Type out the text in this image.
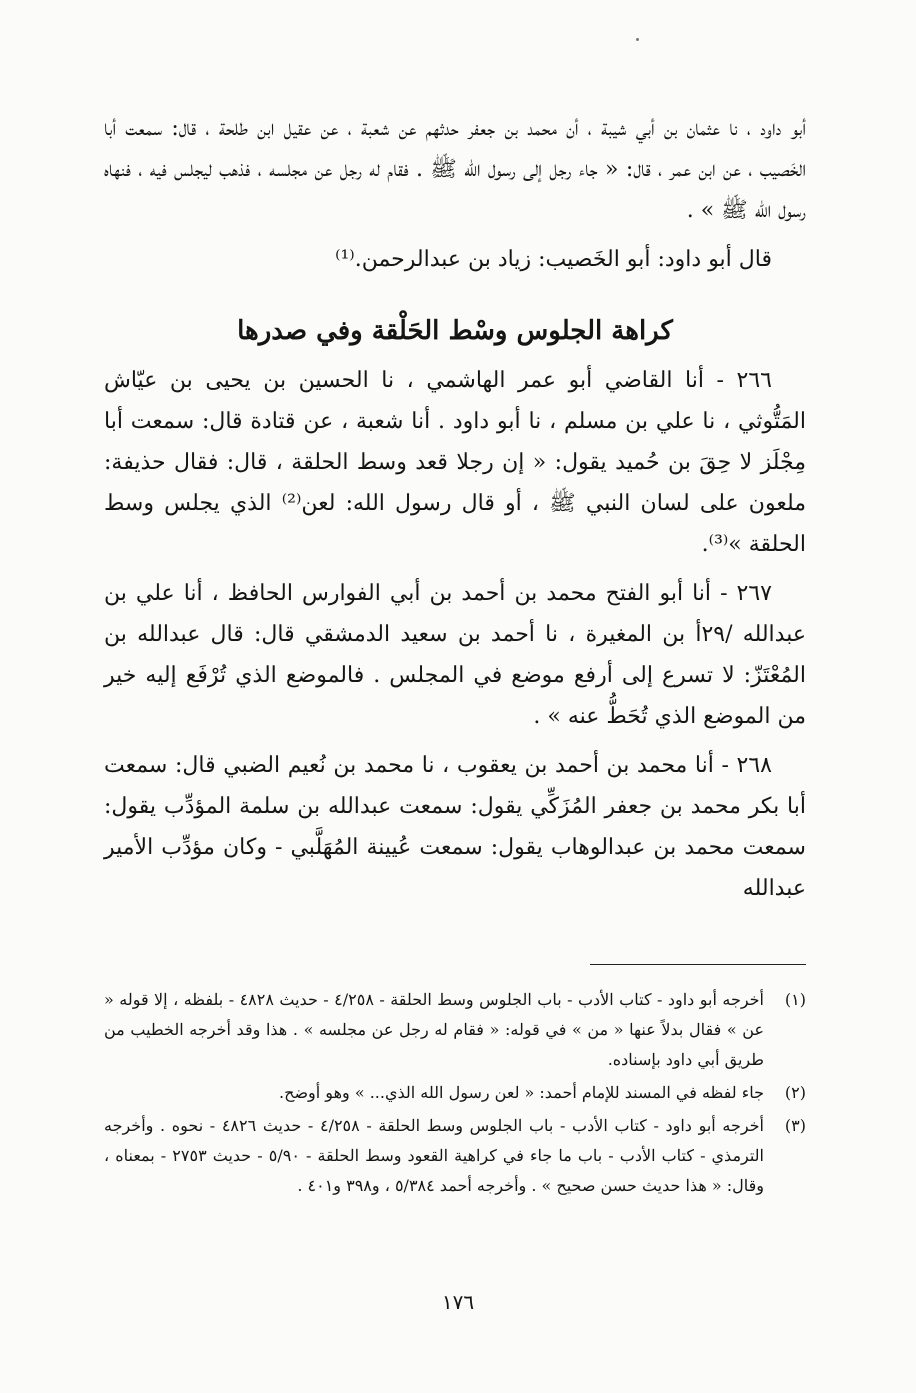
أبو داود ، نا عثمان بن أبي شيبة ، أن محمد بن جعفر حدثهم عن شعبة ، عن عقيل ابن طلحة ، قال: سمعت أبا الخَصيب ، عن ابن عمر ، قال: « جاء رجل إلى رسول الله ﷺ . فقام له رجل عن مجلسه ، فذهب ليجلس فيه ، فنهاه رسول الله ﷺ » .

قال أبو داود: أبو الخَصيب: زياد بن عبدالرحمن.⁽¹⁾

كراهة الجلوس وسْط الحَلْقة وفي صدرها

٢٦٦ - أنا القاضي أبو عمر الهاشمي ، نا الحسين بن يحيى بن عيّاش المَتُّوثي ، نا علي بن مسلم ، نا أبو داود . أنا شعبة ، عن قتادة قال: سمعت أبا مِجْلَز لا حِقَ بن حُميد يقول: « إن رجلا قعد وسط الحلقة ، قال: فقال حذيفة: ملعون على لسان النبي ﷺ ، أو قال رسول الله: لعن⁽²⁾ الذي يجلس وسط الحلقة »⁽³⁾.

٢٦٧ - أنا أبو الفتح محمد بن أحمد بن أبي الفوارس الحافظ ، أنا علي بن عبدالله /٢٩أ بن المغيرة ، نا أحمد بن سعيد الدمشقي قال: قال عبدالله بن المُعْتَزّ: لا تسرع إلى أرفع موضع في المجلس . فالموضع الذي تُرْفَع إليه خير من الموضع الذي تُحَطُّ عنه » .

٢٦٨ - أنا محمد بن أحمد بن يعقوب ، نا محمد بن نُعيم الضبي قال: سمعت أبا بكر محمد بن جعفر المُزَكِّي يقول: سمعت عبدالله بن سلمة المؤدِّب يقول: سمعت محمد بن عبدالوهاب يقول: سمعت عُيينة المُهَلَّبي - وكان مؤدِّب الأمير عبدالله

(١)
أخرجه أبو داود - كتاب الأدب - باب الجلوس وسط الحلقة - ٤/٢٥٨ - حديث ٤٨٢٨ - بلفظه ، إلا قوله « عن » فقال بدلاً عنها « من » في قوله: « فقام له رجل عن مجلسه » . هذا وقد أخرجه الخطيب من طريق أبي داود بإسناده.
(٢)
جاء لفظه في المسند للإمام أحمد: « لعن رسول الله الذي... » وهو أوضح.
(٣)
أخرجه أبو داود - كتاب الأدب - باب الجلوس وسط الحلقة - ٤/٢٥٨ - حديث ٤٨٢٦ - نحوه . وأخرجه الترمذي - كتاب الأدب - باب ما جاء في كراهية القعود وسط الحلقة - ٥/٩٠ - حديث ٢٧٥٣ - بمعناه ، وقال: « هذا حديث حسن صحيح » . وأخرجه أحمد ٥/٣٨٤ ، و٣٩٨ و٤٠١ .
١٧٦
